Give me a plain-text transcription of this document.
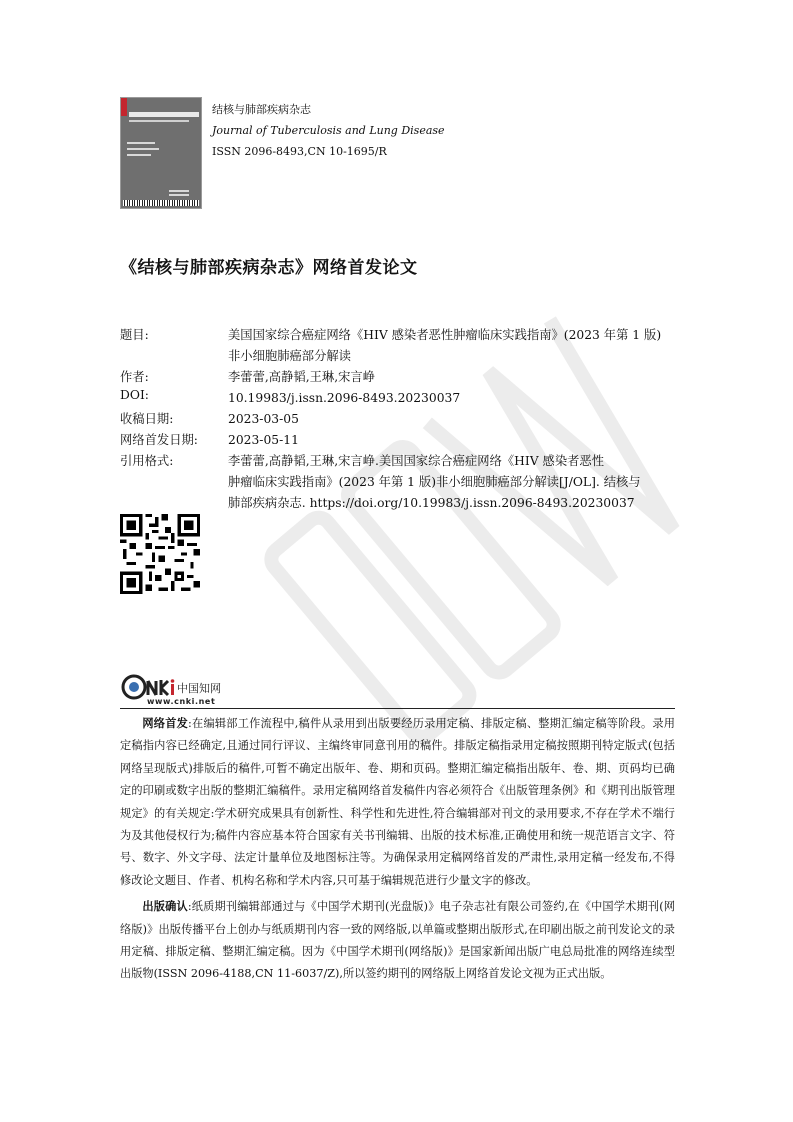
结核与肺部疾病杂志
Journal of Tuberculosis and Lung Disease
ISSN 2096-8493,CN 10-1695/R
《结核与肺部疾病杂志》网络首发论文
题目:	美国国家综合癌症网络《HIV 感染者恶性肿瘤临床实践指南》(2023 年第 1 版)
非小细胞肺癌部分解读
作者:	李蕾蕾,高静韬,王琳,宋言峥
DOI:	10.19983/j.issn.2096-8493.20230037
收稿日期:	2023-03-05
网络首发日期: 2023-05-11
引用格式:	李蕾蕾,高静韬,王琳,宋言峥.美国国家综合癌症网络《HIV 感染者恶性
肿瘤临床实践指南》(2023 年第 1 版)非小细胞肺癌部分解读[J/OL]. 结核与
肺部疾病杂志. https://doi.org/10.19983/j.issn.2096-8493.20230037
中国知网
www.cnki.net

网络首发:在编辑部工作流程中,稿件从录用到出版要经历录用定稿、排版定稿、整期汇编定稿等阶段。录用定稿指内容已经确定,且通过同行评议、主编终审同意刊用的稿件。排版定稿指录用定稿按照期刊特定版式(包括网络呈现版式)排版后的稿件,可暂不确定出版年、卷、期和页码。整期汇编定稿指出版年、卷、期、页码均已确定的印刷或数字出版的整期汇编稿件。录用定稿网络首发稿件内容必须符合《出版管理条例》和《期刊出版管理规定》的有关规定:学术研究成果具有创新性、科学性和先进性,符合编辑部对刊文的录用要求,不存在学术不端行为及其他侵权行为;稿件内容应基本符合国家有关书刊编辑、出版的技术标准,正确使用和统一规范语言文字、符号、数字、外文字母、法定计量单位及地图标注等。为确保录用定稿网络首发的严肃性,录用定稿一经发布,不得修改论文题目、作者、机构名称和学术内容,只可基于编辑规范进行少量文字的修改。

出版确认:纸质期刊编辑部通过与《中国学术期刊(光盘版)》电子杂志社有限公司签约,在《中国学术期刊(网络版)》出版传播平台上创办与纸质期刊内容一致的网络版,以单篇或整期出版形式,在印刷出版之前刊发论文的录用定稿、排版定稿、整期汇编定稿。因为《中国学术期刊(网络版)》是国家新闻出版广电总局批准的网络连续型出版物(ISSN 2096-4188,CN 11-6037/Z),所以签约期刊的网络版上网络首发论文视为正式出版。
